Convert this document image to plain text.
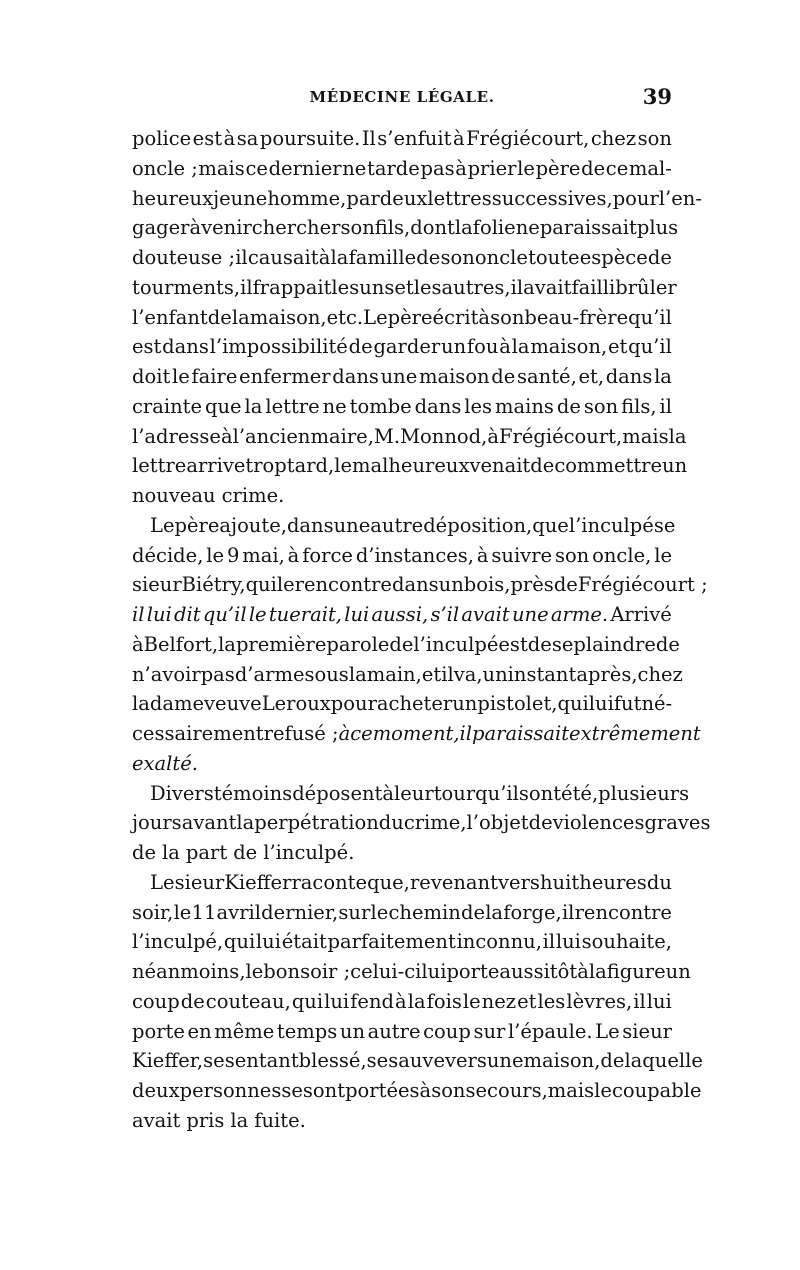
MÉDECINE LÉGALE.	39
police est à sa poursuite. Il s’enfuit à Frégiécourt, chez son
oncle ; mais ce dernier ne tarde pas à prier le père de ce mal-
heureux jeune homme, par deux lettres successives, pour l’en-
gager à venir chercher son fils, dont la folie ne paraissait plus
douteuse ; il causait à la famille de son oncle toute espèce de
tourments, il frappait les uns et les autres, il avait failli brûler
l’enfant de la maison, etc. Le père écrit à son beau-frère qu’il
est dans l’impossibilité de garder un fou à la maison, et qu’il
doit le faire enfermer dans une maison de santé, et, dans la
crainte que la lettre ne tombe dans les mains de son fils, il
l’adresse à l’ancien maire, M. Monnod, à Frégiécourt, mais la
lettre arrive trop tard, le malheureux venait de commettre un
nouveau crime.
Le père ajoute, dans une autre déposition, que l’inculpé se
décide, le 9 mai, à force d’instances, à suivre son oncle, le
sieur Biétry, qui le rencontre dans un bois, près de Frégiécourt ;
il lui dit qu’il le tuerait, lui aussi, s’il avait une arme. Arrivé
à Belfort, la première parole de l’inculpé est de se plaindre de
n’avoir pas d’arme sous la main, et il va, un instant après, chez
la dame veuve Leroux pour acheter un pistolet, qui lui fut né-
cessairement refusé ; à ce moment, il paraissait extrêmement
exalté.
Divers témoins déposent à leur tour qu’ils ont été, plusieurs
jours avant la perpétration du crime, l’objet de violences graves
de la part de l’inculpé.
Le sieur Kieffer raconte que, revenant vers huit heures du
soir, le 11 avril dernier, sur le chemin de la forge, il rencontre
l’inculpé, qui lui était parfaitement inconnu, il lui souhaite,
néanmoins, le bonsoir ; celui-ci lui porte aussitôt à la figure un
coup de couteau, qui lui fend à la fois le nez et les lèvres, il lui
porte en même temps un autre coup sur l’épaule. Le sieur
Kieffer, se sentant blessé, se sauve vers une maison, de laquelle
deux personnes se sont portées à son secours, mais le coupable
avait pris la fuite.
